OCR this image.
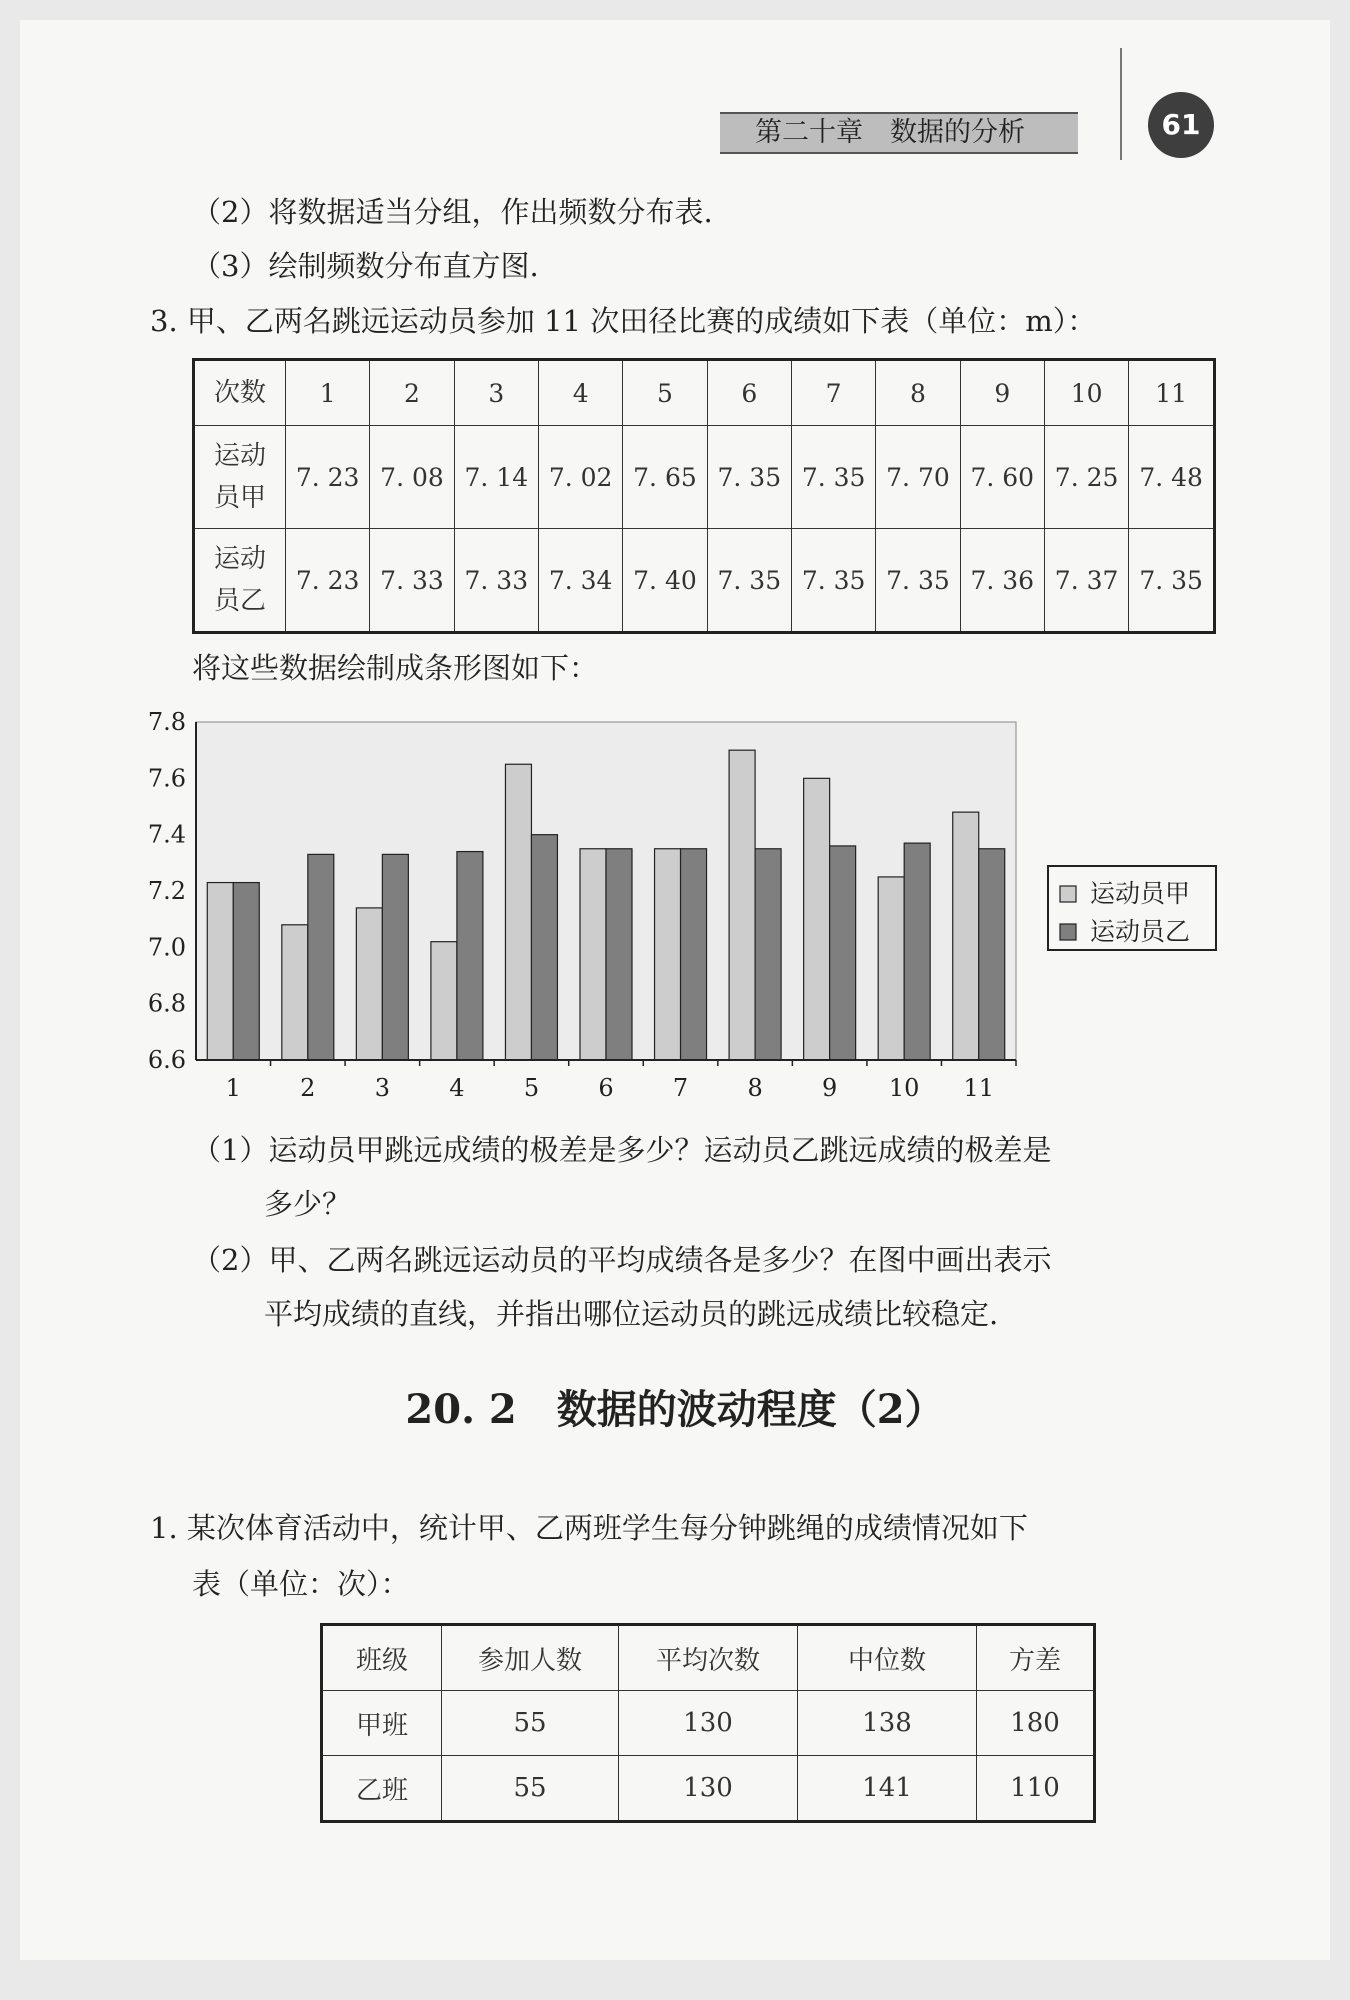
第二十章　数据的分析	61
（2）将数据适当分组，作出频数分布表.
（3）绘制频数分布直方图.
3. 甲、乙两名跳远运动员参加 11 次田径比赛的成绩如下表（单位：m）：
次数	1	2	3	4	5	6	7	8	9	10	11

运动
员甲	7. 23	7. 08	7. 14	7. 02	7. 65	7. 35	7. 35	7. 70	7. 60	7. 25	7. 48

运动
员乙	7. 23	7. 33	7. 33	7. 34	7. 40	7. 35	7. 35	7. 35	7. 36	7. 37	7. 35
将这些数据绘制成条形图如下：
7.8
7.6
7.4
7.2
7.0
6.8
6.6
1 2 3 4 5 6 7 8 9 10 11
运动员甲
运动员乙
（1）运动员甲跳远成绩的极差是多少？运动员乙跳远成绩的极差是
多少？
（2）甲、乙两名跳远运动员的平均成绩各是多少？在图中画出表示
平均成绩的直线，并指出哪位运动员的跳远成绩比较稳定.
20. 2　数据的波动程度（2）
1. 某次体育活动中，统计甲、乙两班学生每分钟跳绳的成绩情况如下
表（单位：次）：
班级	参加人数	平均次数	中位数	方差
甲班	55	130	138	180
乙班	55	130	141	110
